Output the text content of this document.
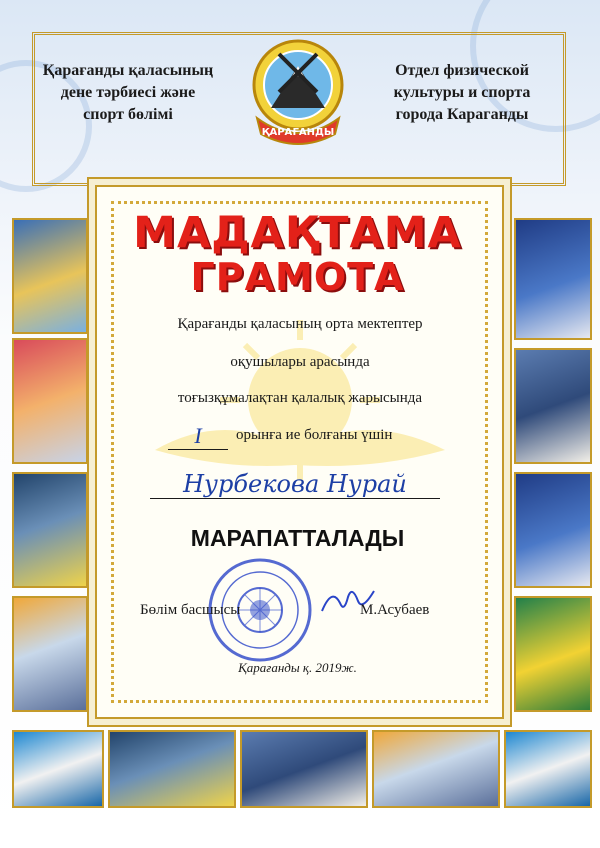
Қарағанды қаласының
дене тәрбиесі және
спорт бөлімі
Отдел физической
культуры и спорта
города Караганды
ҚАРАҒАНДЫ
МАДАҚТАМА
ГРАМОТА
Қарағанды қаласының орта мектептер
оқушылары арасында
тоғызқұмалақтан қалалық жарысында
I	орынға ие болғаны үшін
Нурбекова Нурай
МАРАПАТТАЛАДЫ
Бөлім басшысы	М.Асубаев
Қарағанды қ. 2019ж.
